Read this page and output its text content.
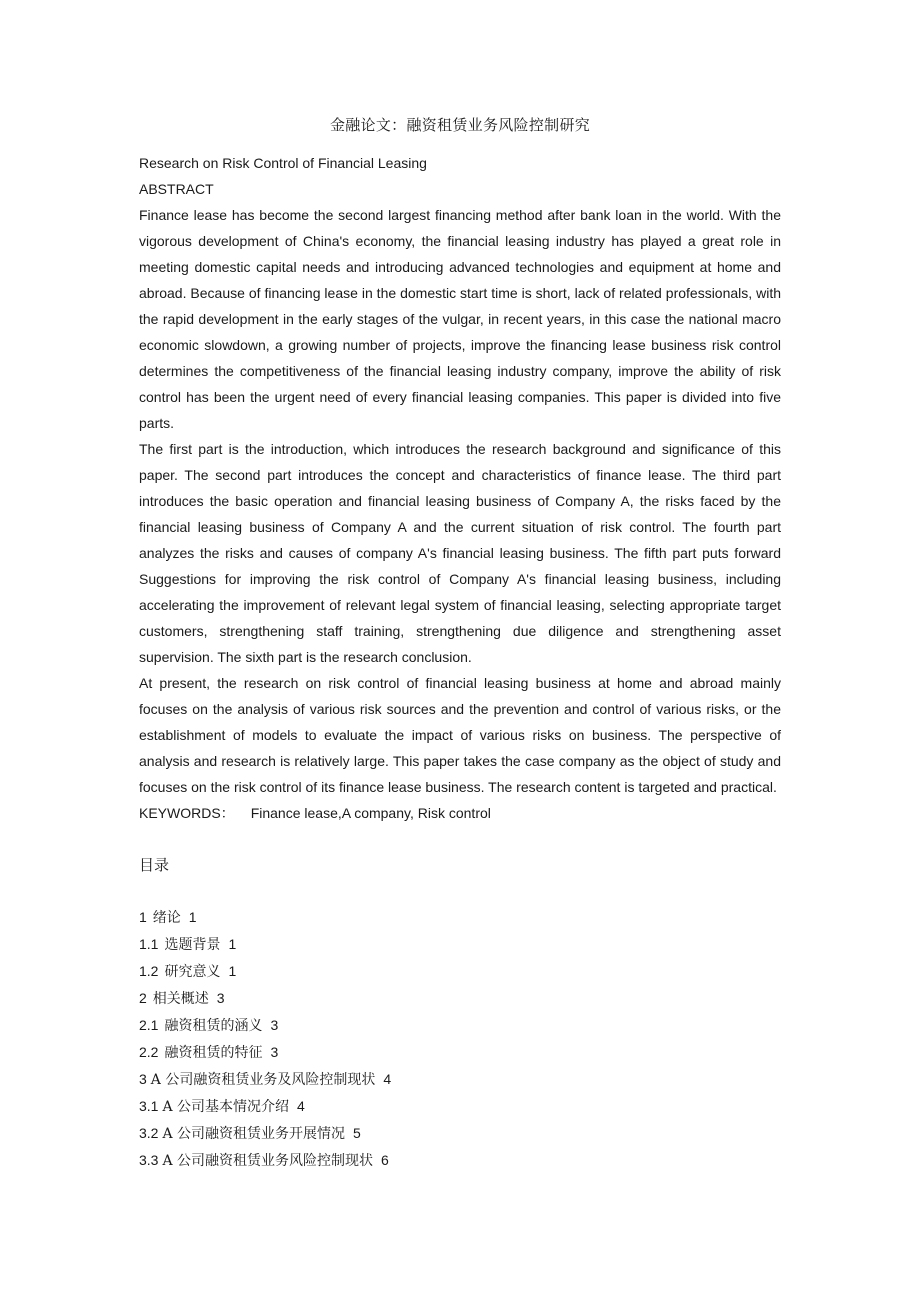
金融论文：融资租赁业务风险控制研究
Research on Risk Control of Financial Leasing
ABSTRACT

Finance lease has become the second largest financing method after bank loan in the world. With the vigorous development of China's economy, the financial leasing industry has played a great role in meeting domestic capital needs and introducing advanced technologies and equipment at home and abroad. Because of financing lease in the domestic start time is short, lack of related professionals, with the rapid development in the early stages of the vulgar, in recent years, in this case the national macro economic slowdown, a growing number of projects, improve the financing lease business risk control determines the competitiveness of the financial leasing industry company, improve the ability of risk control has been the urgent need of every financial leasing companies. This paper is divided into five parts.

The first part is the introduction, which introduces the research background and significance of this paper. The second part introduces the concept and characteristics of finance lease. The third part introduces the basic operation and financial leasing business of Company A, the risks faced by the financial leasing business of Company A and the current situation of risk control. The fourth part analyzes the risks and causes of company A's financial leasing business. The fifth part puts forward Suggestions for improving the risk control of Company A's financial leasing business, including accelerating the improvement of relevant legal system of financial leasing, selecting appropriate target customers, strengthening staff training, strengthening due diligence and strengthening asset supervision. The sixth part is the research conclusion.

At present, the research on risk control of financial leasing business at home and abroad mainly focuses on the analysis of various risk sources and the prevention and control of various risks, or the establishment of models to evaluate the impact of various risks on business. The perspective of analysis and research is relatively large. This paper takes the case company as the object of study and focuses on the risk control of its finance lease business. The research content is targeted and practical.

KEYWORDS： Finance lease,A company, Risk control
目录
1 绪论 1
1.1 选题背景 1
1.2 研究意义 1
2 相关概述 3
2.1 融资租赁的涵义 3
2.2 融资租赁的特征 3
3 A 公司融资租赁业务及风险控制现状 4
3.1 A 公司基本情况介绍 4
3.2 A 公司融资租赁业务开展情况 5
3.3 A 公司融资租赁业务风险控制现状 6
